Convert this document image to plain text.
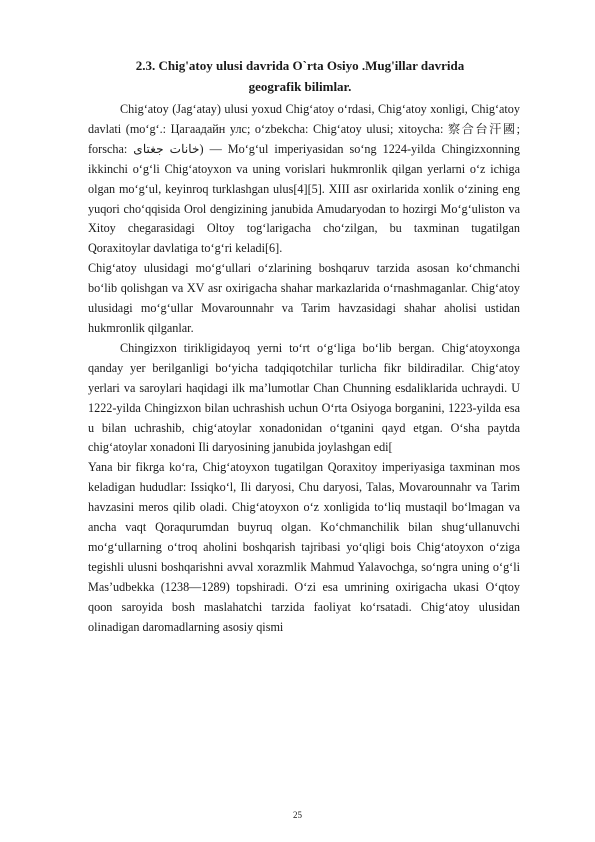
2.3. Chig'atoy ulusi davrida O`rta Osiyo .Mug'illar davrida
geografik bilimlar.

Chig‘atoy (Jag‘atay) ulusi yoxud Chig‘atoy o‘rdasi, Chig‘atoy xonligi, Chig‘atoy davlati (mo‘g‘.: Цагаадайн улс; o‘zbekcha: Chig‘atoy ulusi; xitoycha: 察合台汗國; forscha: خانات جغتای) — Mo‘g‘ul imperiyasidan so‘ng 1224-yilda Chingizxonning ikkinchi o‘g‘li Chig‘atoyxon va uning vorislari hukmronlik qilgan yerlarni o‘z ichiga olgan mo‘g‘ul, keyinroq turklashgan ulus[4][5]. XIII asr oxirlarida xonlik o‘zining eng yuqori cho‘qqisida Orol dengizining janubida Amudaryodan to hozirgi Mo‘g‘uliston va Xitoy chegarasidagi Oltoy tog‘larigacha cho‘zilgan, bu taxminan tugatilgan Qoraxitoylar davlatiga to‘g‘ri keladi[6].

Chig‘atoy ulusidagi mo‘g‘ullari o‘zlarining boshqaruv tarzida asosan ko‘chmanchi bo‘lib qolishgan va XV asr oxirigacha shahar markazlarida o‘rnashmaganlar. Chig‘atoy ulusidagi mo‘g‘ullar Movarounnahr va Tarim havzasidagi shahar aholisi ustidan hukmronlik qilganlar.

Chingizxon tirikligidayoq yerni to‘rt o‘g‘liga bo‘lib bergan. Chig‘atoyxonga qanday yer berilganligi bo‘yicha tadqiqotchilar turlicha fikr bildiradilar. Chig‘atoy yerlari va saroylari haqidagi ilk ma’lumotlar Chan Chunning esdaliklarida uchraydi. U 1222-yilda Chingizxon bilan uchrashish uchun O‘rta Osiyoga borganini, 1223-yilda esa u bilan uchrashib, chig‘atoylar xonadonidan o‘tganini qayd etgan. O‘sha paytda chig‘atoylar xonadoni Ili daryosining janubida joylashgan edi[

Yana bir fikrga ko‘ra, Chig‘atoyxon tugatilgan Qoraxitoy imperiyasiga taxminan mos keladigan hududlar: Issiqko‘l, Ili daryosi, Chu daryosi, Talas, Movarounnahr va Tarim havzasini meros qilib oladi. Chig‘atoyxon o‘z xonligida to‘liq mustaqil bo‘lmagan va ancha vaqt Qoraqurumdan buyruq olgan. Ko‘chmanchilik bilan shug‘ullanuvchi mo‘g‘ullarning o‘troq aholini boshqarish tajribasi yo‘qligi bois Chig‘atoyxon o‘ziga tegishli ulusni boshqarishni avval xorazmlik Mahmud Yalavochga, so‘ngra uning o‘g‘li Mas’udbekka (1238—1289) topshiradi. O‘zi esa umrining oxirigacha ukasi O‘qtoy qoon saroyida bosh maslahatchi tarzida faoliyat ko‘rsatadi. Chig‘atoy ulusidan olinadigan daromadlarning asosiy qismi

25
